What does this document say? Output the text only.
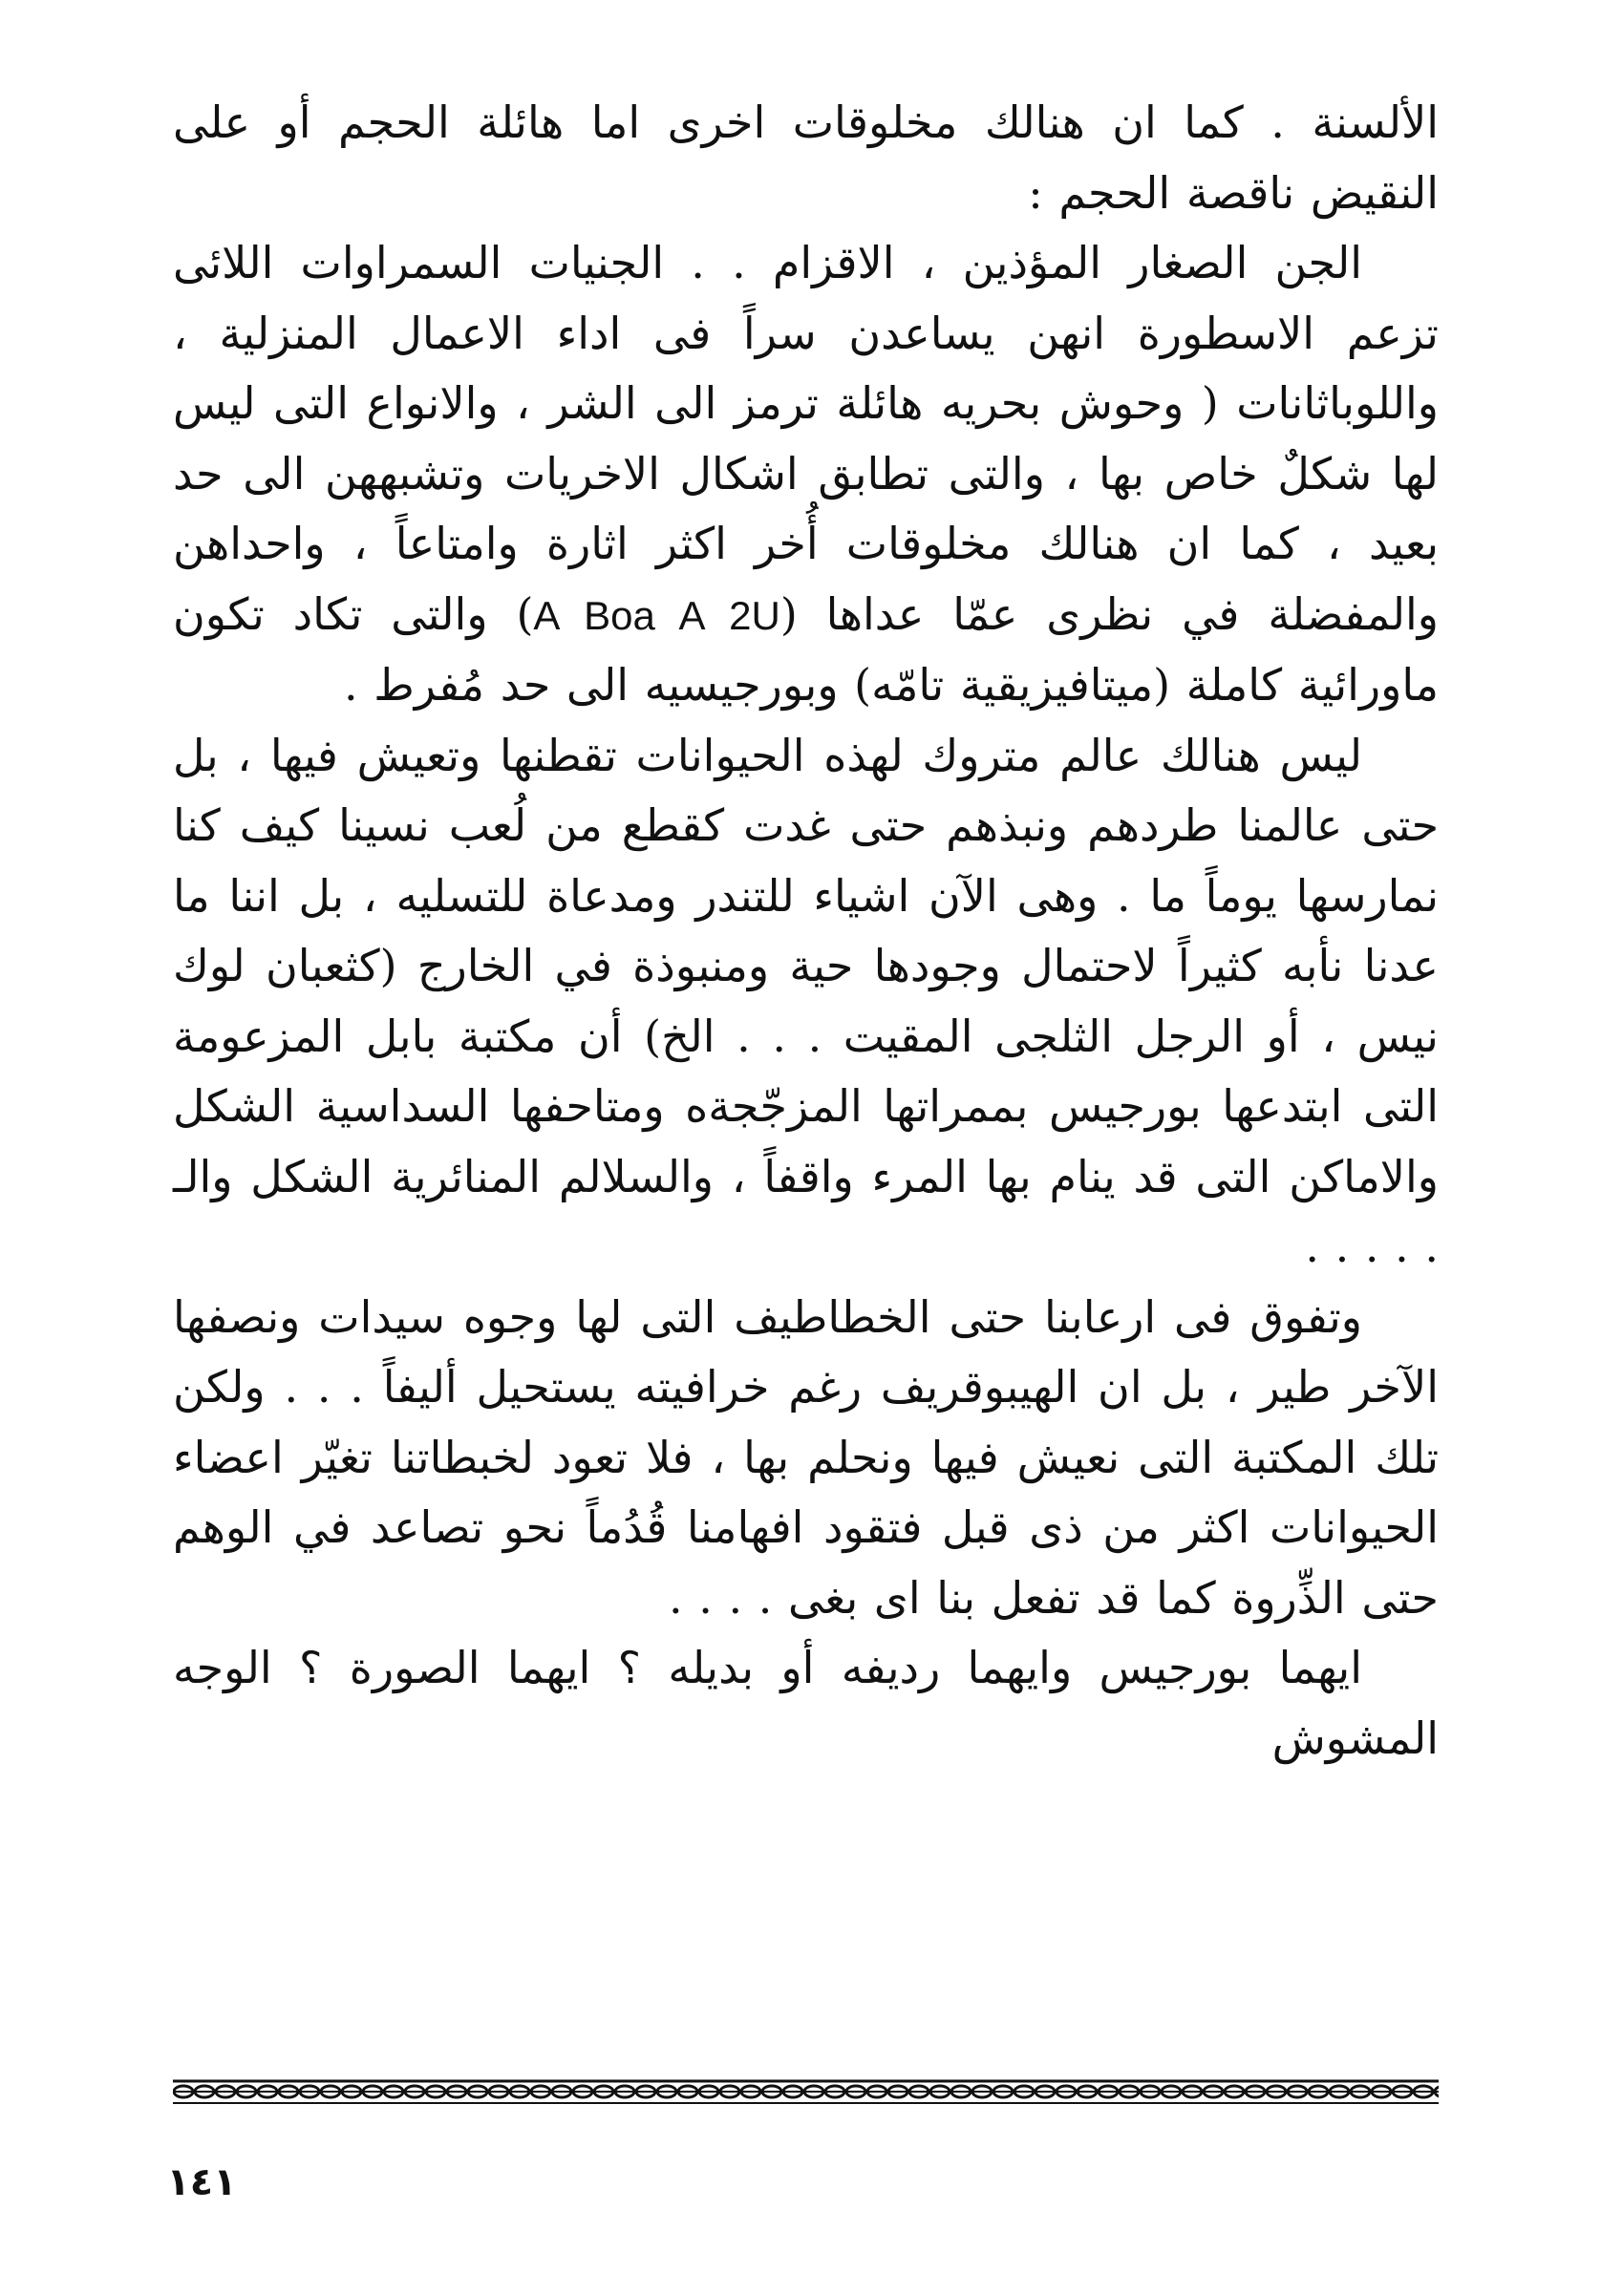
الألسنة . كما ان هنالك مخلوقات اخرى اما هائلة الحجم أو على النقيض ناقصة الحجم :

الجن الصغار المؤذين ، الاقزام . . الجنيات السمراوات اللائى تزعم الاسطورة انهن يساعدن سراً فى اداء الاعمال المنزلية ، واللوباثانات ( وحوش بحريه هائلة ترمز الى الشر ، والانواع التى ليس لها شكلٌ خاص بها ، والتى تطابق اشكال الاخريات وتشبههن الى حد بعيد ، كما ان هنالك مخلوقات أُخر اكثر اثارة وامتاعاً ، واحداهن والمفضلة في نظرى عمّا عداها (A Boa A 2U) والتى تكاد تكون ماورائية كاملة (ميتافيزيقية تامّه) وبورجيسيه الى حد مُفرط .

ليس هنالك عالم متروك لهذه الحيوانات تقطنها وتعيش فيها ، بل حتى عالمنا طردهم ونبذهم حتى غدت كقطع من لُعب نسينا كيف كنا نمارسها يوماً ما . وهى الآن اشياء للتندر ومدعاة للتسليه ، بل اننا ما عدنا نأبه كثيراً لاحتمال وجودها حية ومنبوذة في الخارج (كثعبان لوك نيس ، أو الرجل الثلجى المقيت . . . الخ) أن مكتبة بابل المزعومة التى ابتدعها بورجيس بممراتها المزجّجةه ومتاحفها السداسية الشكل والاماكن التى قد ينام بها المرء واقفاً ، والسلالم المنائرية الشكل والـ . . . . .

وتفوق فى ارعابنا حتى الخطاطيف التى لها وجوه سيدات ونصفها الآخر طير ، بل ان الهيبوقريف رغم خرافيته يستحيل أليفاً . . . ولكن تلك المكتبة التى نعيش فيها ونحلم بها ، فلا تعود لخبطاتنا تغيّر اعضاء الحيوانات اكثر من ذى قبل فتقود افهامنا قُدُماً نحو تصاعد في الوهم حتى الذِّروة كما قد تفعل بنا اى بغى . . . .

ايهما بورجيس وايهما رديفه أو بديله ؟ ايهما الصورة ؟ الوجه المشوش

١٤١
